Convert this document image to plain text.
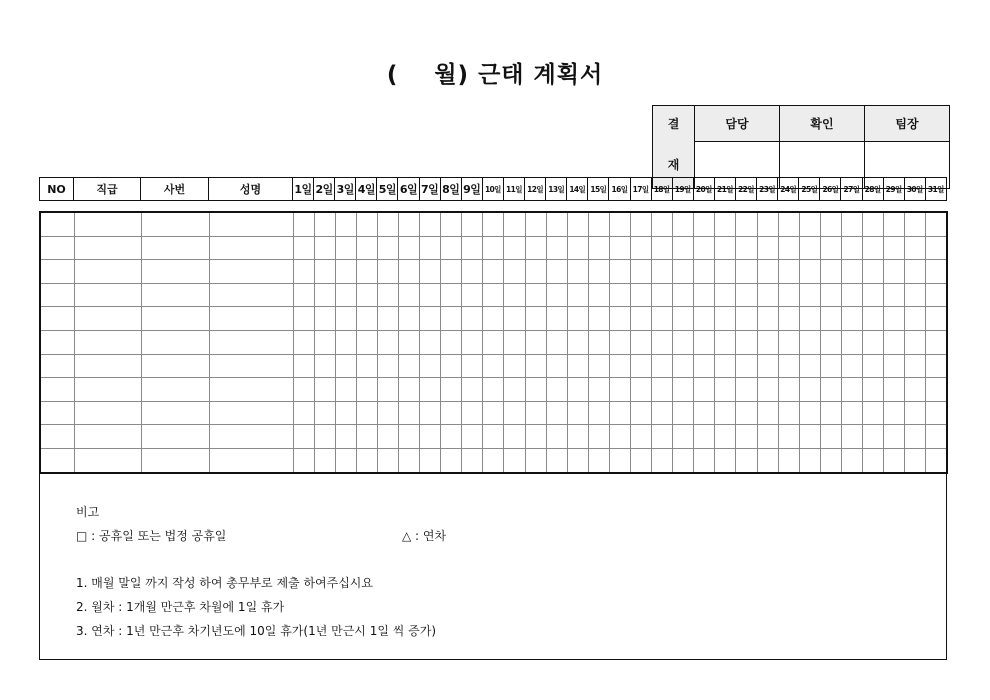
( 월) 근태 계획서
결	담당	확인	팀장
재			
NO	직급	사번	성명	1일	2일	3일	4일	5일	6일	7일	8일	9일	10일	11일	12일	13일	14일	15일	16일	17일	18일	19일	20일	21일	22일	23일	24일	25일	26일	27일	28일	29일	30일	31일

비고
□ : 공휴일 또는 법정 공휴일	△ : 연차
1. 매월 말일 까지 작성 하여 총무부로 제출 하여주십시요
2. 월차 : 1개월 만근후 차월에 1일 휴가
3. 연차 : 1년 만근후 차기년도에 10일 휴가(1년 만근시 1일 씩 증가)
